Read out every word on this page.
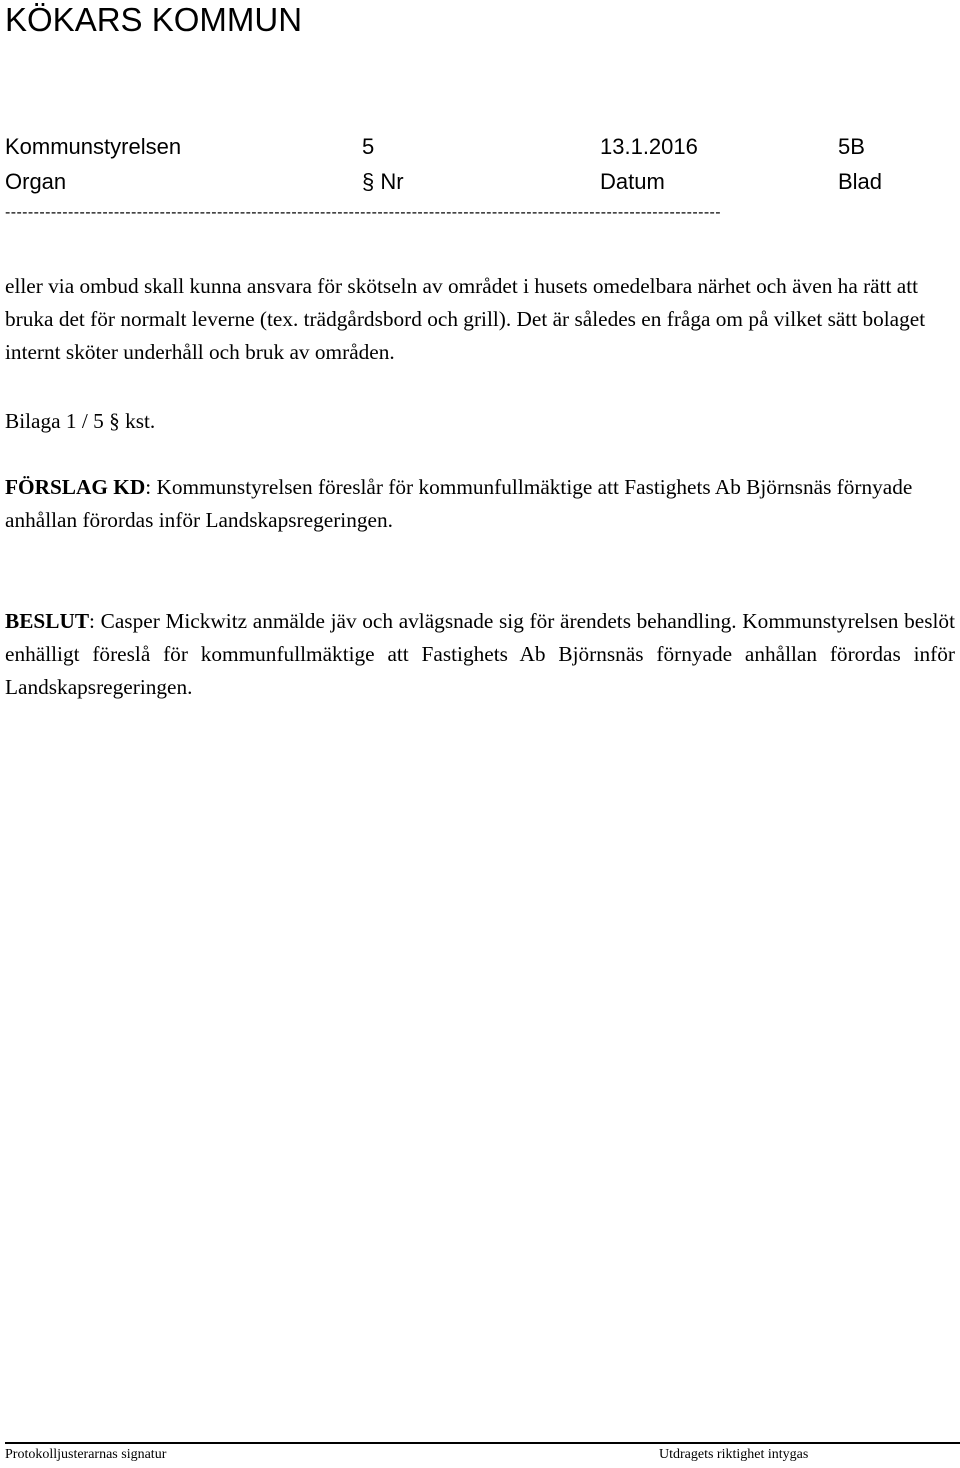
KÖKARS KOMMUN
Kommunstyrelsen	5	13.1.2016	5B
Organ	§ Nr	Datum	Blad
-----------------------------------------------------------------------------------------------------------------------------

eller via ombud skall kunna ansvara för skötseln av området i husets omedelbara närhet och även ha rätt att bruka det för normalt leverne (tex. trädgårdsbord och grill). Det är således en fråga om på vilket sätt bolaget internt sköter underhåll och bruk av områden.

Bilaga 1 / 5 § kst.

FÖRSLAG KD: Kommunstyrelsen föreslår för kommunfullmäktige att Fastighets Ab Björnsnäs förnyade anhållan förordas inför Landskapsregeringen.

BESLUT: Casper Mickwitz anmälde jäv och avlägsnade sig för ärendets behandling. Kommunstyrelsen beslöt enhälligt föreslå för kommunfullmäktige att Fastighets Ab Björnsnäs förnyade anhållan förordas inför Landskapsregeringen.

Protokolljusterarnas signatur	Utdragets riktighet intygas
